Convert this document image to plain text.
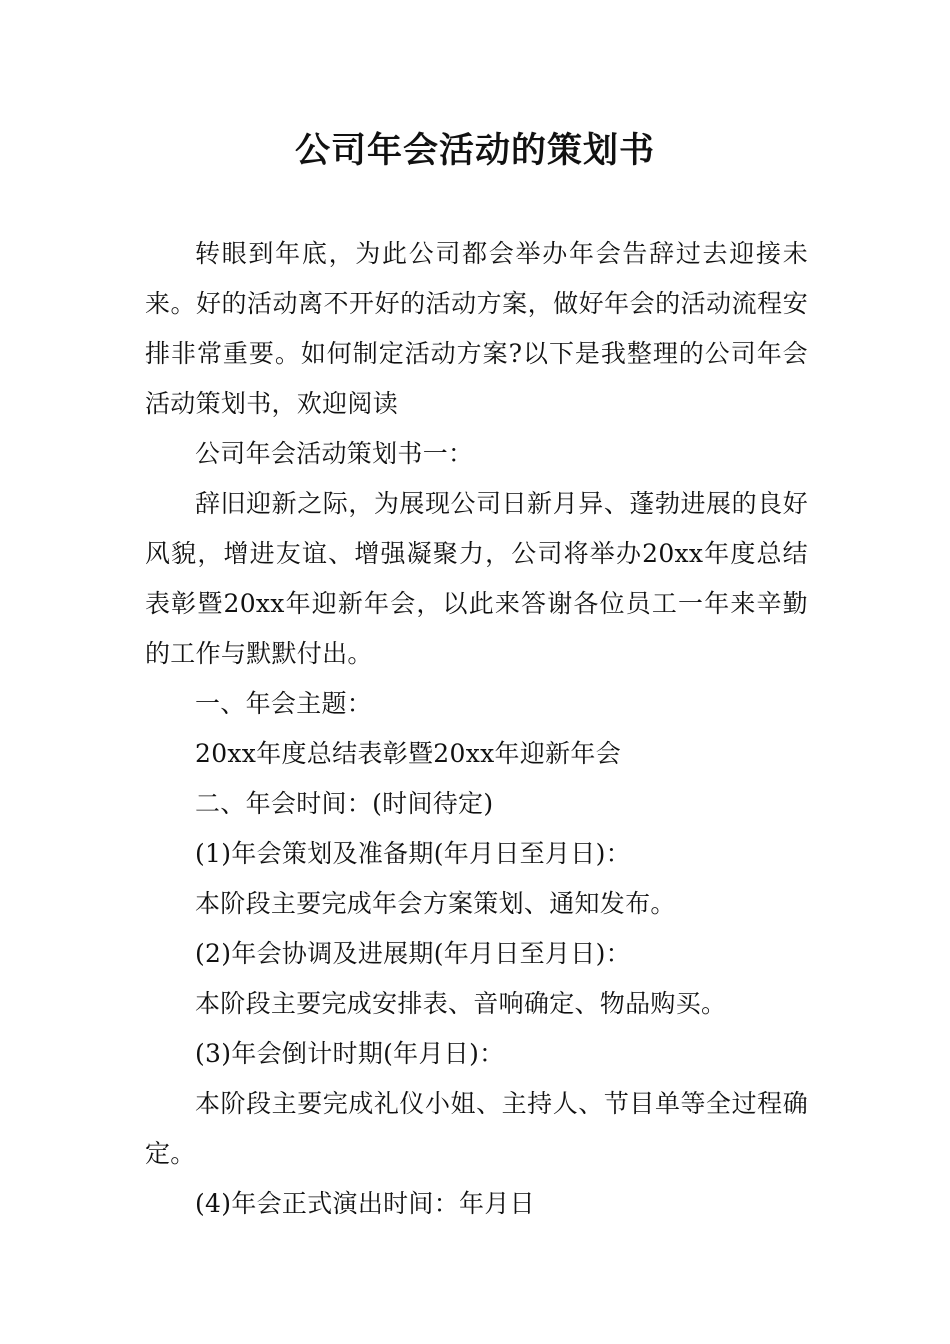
公司年会活动的策划书

转眼到年底，为此公司都会举办年会告辞过去迎接未来。好的活动离不开好的活动方案，做好年会的活动流程安排非常重要。如何制定活动方案?以下是我整理的公司年会活动策划书，欢迎阅读

公司年会活动策划书一：

辞旧迎新之际，为展现公司日新月异、蓬勃进展的良好风貌，增进友谊、增强凝聚力，公司将举办20xx年度总结表彰暨20xx年迎新年会，以此来答谢各位员工一年来辛勤的工作与默默付出。

一、年会主题：

20xx年度总结表彰暨20xx年迎新年会

二、年会时间：(时间待定)

(1)年会策划及准备期(年月日至月日)：

本阶段主要完成年会方案策划、通知发布。

(2)年会协调及进展期(年月日至月日)：

本阶段主要完成安排表、音响确定、物品购买。

(3)年会倒计时期(年月日)：

本阶段主要完成礼仪小姐、主持人、节目单等全过程确定。

(4)年会正式演出时间：年月日
